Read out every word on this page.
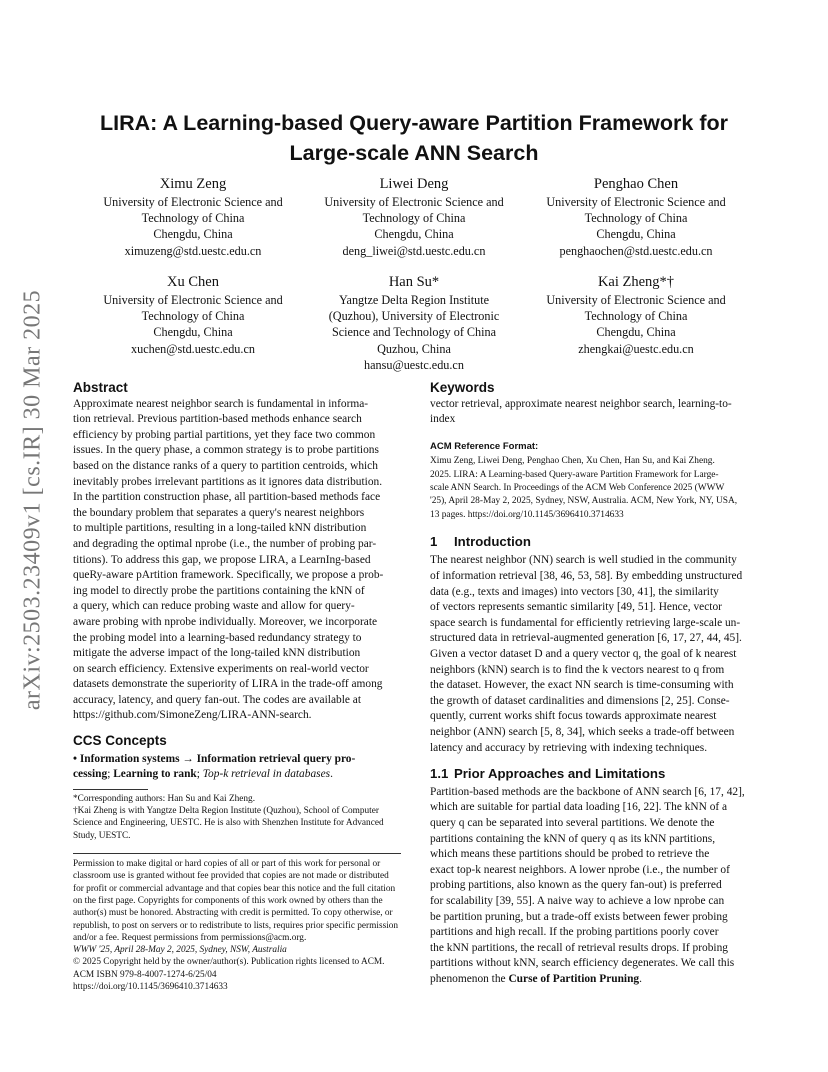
arXiv:2503.23409v1 [cs.IR] 30 Mar 2025
LIRA: A Learning-based Query-aware Partition Framework for Large-scale ANN Search
Ximu Zeng
University of Electronic Science and
Technology of China
Chengdu, China
ximuzeng@std.uestc.edu.cn
Liwei Deng
University of Electronic Science and
Technology of China
Chengdu, China
deng_liwei@std.uestc.edu.cn
Penghao Chen
University of Electronic Science and
Technology of China
Chengdu, China
penghaochen@std.uestc.edu.cn
Xu Chen
University of Electronic Science and
Technology of China
Chengdu, China
xuchen@std.uestc.edu.cn
Han Su*
Yangtze Delta Region Institute
(Quzhou), University of Electronic
Science and Technology of China
Quzhou, China
hansu@uestc.edu.cn
Kai Zheng*†
University of Electronic Science and
Technology of China
Chengdu, China
zhengkai@uestc.edu.cn
Abstract
Approximate nearest neighbor search is fundamental in informa-
tion retrieval. Previous partition-based methods enhance search
efficiency by probing partial partitions, yet they face two common
issues. In the query phase, a common strategy is to probe partitions
based on the distance ranks of a query to partition centroids, which
inevitably probes irrelevant partitions as it ignores data distribution.
In the partition construction phase, all partition-based methods face
the boundary problem that separates a query's nearest neighbors
to multiple partitions, resulting in a long-tailed kNN distribution
and degrading the optimal nprobe (i.e., the number of probing par-
titions). To address this gap, we propose LIRA, a LearnIng-based
queRy-aware pArtition framework. Specifically, we propose a prob-
ing model to directly probe the partitions containing the kNN of
a query, which can reduce probing waste and allow for query-
aware probing with nprobe individually. Moreover, we incorporate
the probing model into a learning-based redundancy strategy to
mitigate the adverse impact of the long-tailed kNN distribution
on search efficiency. Extensive experiments on real-world vector
datasets demonstrate the superiority of LIRA in the trade-off among
accuracy, latency, and query fan-out. The codes are available at
https://github.com/SimoneZeng/LIRA-ANN-search.
CCS Concepts
• Information systems → Information retrieval query pro-
cessing; Learning to rank; Top-k retrieval in databases.
*Corresponding authors: Han Su and Kai Zheng.
†Kai Zheng is with Yangtze Delta Region Institute (Quzhou), School of Computer
Science and Engineering, UESTC. He is also with Shenzhen Institute for Advanced
Study, UESTC.
Permission to make digital or hard copies of all or part of this work for personal or
classroom use is granted without fee provided that copies are not made or distributed
for profit or commercial advantage and that copies bear this notice and the full citation
on the first page. Copyrights for components of this work owned by others than the
author(s) must be honored. Abstracting with credit is permitted. To copy otherwise, or
republish, to post on servers or to redistribute to lists, requires prior specific permission
and/or a fee. Request permissions from permissions@acm.org.
WWW '25, April 28-May 2, 2025, Sydney, NSW, Australia
© 2025 Copyright held by the owner/author(s). Publication rights licensed to ACM.
ACM ISBN 979-8-4007-1274-6/25/04
https://doi.org/10.1145/3696410.3714633
Keywords
vector retrieval, approximate nearest neighbor search, learning-to-
index
ACM Reference Format:
Ximu Zeng, Liwei Deng, Penghao Chen, Xu Chen, Han Su, and Kai Zheng.
2025. LIRA: A Learning-based Query-aware Partition Framework for Large-
scale ANN Search. In Proceedings of the ACM Web Conference 2025 (WWW
'25), April 28-May 2, 2025, Sydney, NSW, Australia. ACM, New York, NY, USA,
13 pages. https://doi.org/10.1145/3696410.3714633
1 Introduction
The nearest neighbor (NN) search is well studied in the community
of information retrieval [38, 46, 53, 58]. By embedding unstructured
data (e.g., texts and images) into vectors [30, 41], the similarity
of vectors represents semantic similarity [49, 51]. Hence, vector
space search is fundamental for efficiently retrieving large-scale un-
structured data in retrieval-augmented generation [6, 17, 27, 44, 45].
Given a vector dataset D and a query vector q, the goal of k nearest
neighbors (kNN) search is to find the k vectors nearest to q from
the dataset. However, the exact NN search is time-consuming with
the growth of dataset cardinalities and dimensions [2, 25]. Conse-
quently, current works shift focus towards approximate nearest
neighbor (ANN) search [5, 8, 34], which seeks a trade-off between
latency and accuracy by retrieving with indexing techniques.
1.1 Prior Approaches and Limitations
Partition-based methods are the backbone of ANN search [6, 17, 42],
which are suitable for partial data loading [16, 22]. The kNN of a
query q can be separated into several partitions. We denote the
partitions containing the kNN of query q as its kNN partitions,
which means these partitions should be probed to retrieve the
exact top-k nearest neighbors. A lower nprobe (i.e., the number of
probing partitions, also known as the query fan-out) is preferred
for scalability [39, 55]. A naive way to achieve a low nprobe can
be partition pruning, but a trade-off exists between fewer probing
partitions and high recall. If the probing partitions poorly cover
the kNN partitions, the recall of retrieval results drops. If probing
partitions without kNN, search efficiency degenerates. We call this
phenomenon the Curse of Partition Pruning.
